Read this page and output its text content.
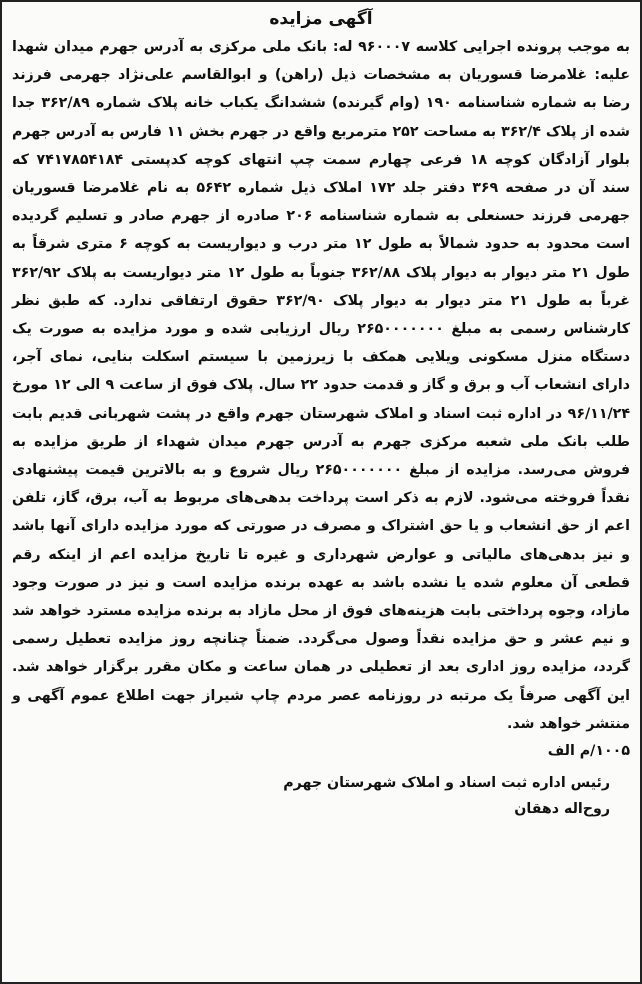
آگهی مزایده

به موجب پرونده اجرایی کلاسه ۹۶۰۰۰۷ له: بانک ملی مرکزی به آدرس جهرم میدان شهدا علیه: غلامرضا قسوریان به مشخصات ذیل (راهن) و ابوالقاسم علی‌نژاد جهرمی فرزند رضا به شماره شناسنامه ۱۹۰ (وام گیرنده) ششدانگ یکباب خانه پلاک شماره ۳۶۲/۸۹ جدا شده از پلاک ۳۶۲/۴ به مساحت ۲۵۲ مترمربع واقع در جهرم بخش ۱۱ فارس به آدرس جهرم بلوار آزادگان کوچه ۱۸ فرعی چهارم سمت چپ انتهای کوچه کدپستی ۷۴۱۷۸۵۴۱۸۴ که سند آن در صفحه ۳۶۹ دفتر جلد ۱۷۲ املاک ذیل شماره ۵۶۴۲ به نام غلامرضا قسوریان جهرمی فرزند حسنعلی به شماره شناسنامه ۲۰۶ صادره از جهرم صادر و تسلیم گردیده است محدود به حدود شمالاً به طول ۱۲ متر درب و دیواریست به کوچه ۶ متری شرقاً به طول ۲۱ متر دیوار به دیوار پلاک ۳۶۲/۸۸ جنوباً به طول ۱۲ متر دیواریست به پلاک ۳۶۲/۹۲ غرباً به طول ۲۱ متر دیوار به دیوار پلاک ۳۶۲/۹۰ حقوق ارتفاقی ندارد. که طبق نظر کارشناس رسمی به مبلغ ۲۶۵۰۰۰۰۰۰۰ ریال ارزیابی شده و مورد مزایده به صورت یک دستگاه منزل مسکونی ویلایی همکف با زیرزمین با سیستم اسکلت بنایی، نمای آجر، دارای انشعاب آب و برق و گاز و قدمت حدود ۲۲ سال. پلاک فوق از ساعت ۹ الی ۱۲ مورخ ۹۶/۱۱/۲۴ در اداره ثبت اسناد و املاک شهرستان جهرم واقع در پشت شهربانی قدیم بابت طلب بانک ملی شعبه مرکزی جهرم به آدرس جهرم میدان شهداء از طریق مزایده به فروش می‌رسد. مزایده از مبلغ ۲۶۵۰۰۰۰۰۰۰ ریال شروع و به بالاترین قیمت پیشنهادی نقداً فروخته می‌شود. لازم به ذکر است پرداخت بدهی‌های مربوط به آب، برق، گاز، تلفن اعم از حق انشعاب و یا حق اشتراک و مصرف در صورتی که مورد مزایده دارای آنها باشد و نیز بدهی‌های مالیاتی و عوارض شهرداری و غیره تا تاریخ مزایده اعم از اینکه رقم قطعی آن معلوم شده یا نشده باشد به عهده برنده مزایده است و نیز در صورت وجود مازاد، وجوه پرداختی بابت هزینه‌های فوق از محل مازاد به برنده مزایده مسترد خواهد شد و نیم عشر و حق مزایده نقداً وصول می‌گردد. ضمناً چنانچه روز مزایده تعطیل رسمی گردد، مزایده روز اداری بعد از تعطیلی در همان ساعت و مکان مقرر برگزار خواهد شد. این آگهی صرفاً یک مرتبه در روزنامه عصر مردم چاپ شیراز جهت اطلاع عموم آگهی و منتشر خواهد شد.

۱۰۰۵/م الف
رئیس اداره ثبت اسناد و املاک شهرستان جهرم
روح‌اله دهقان
